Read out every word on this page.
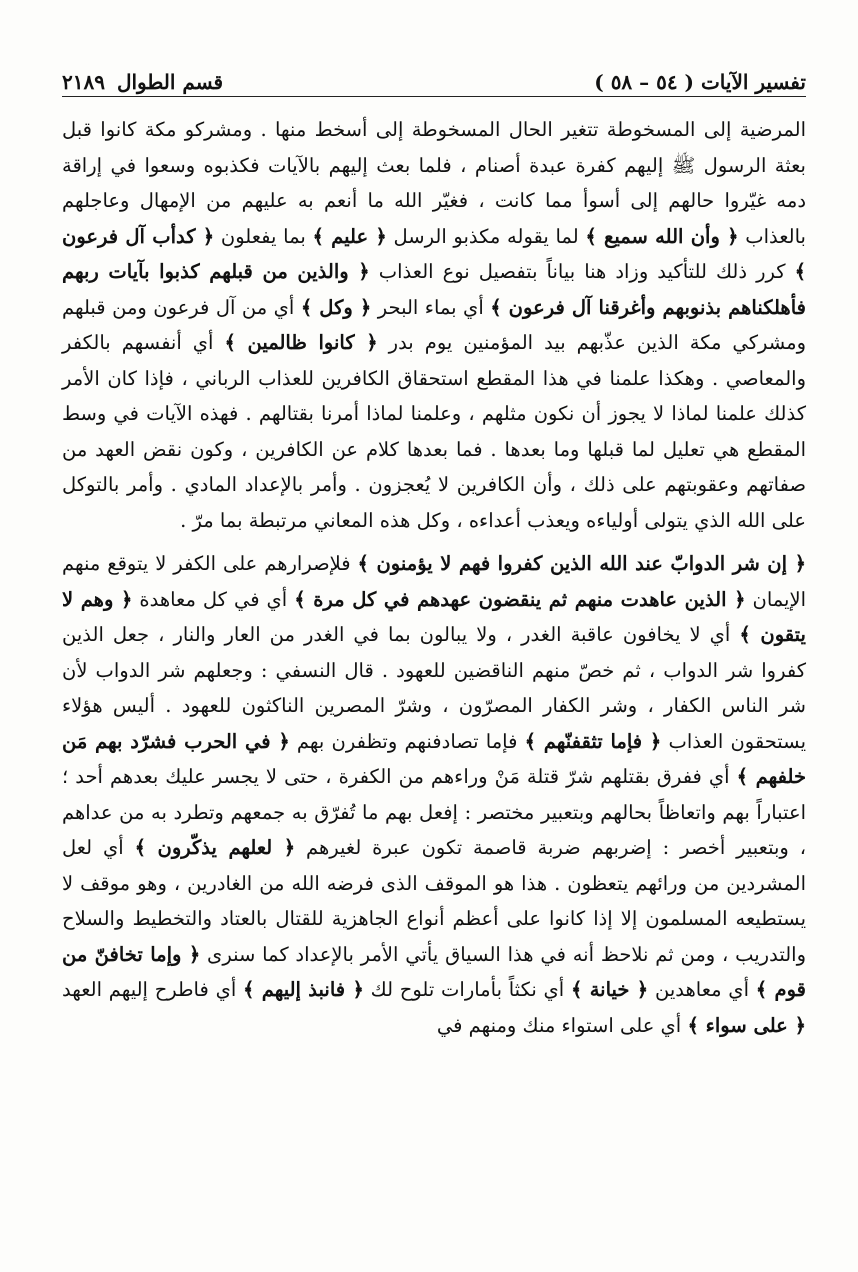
تفسير الآيات ( ٥٤ – ٥٨ )
قسم الطوال
٢١٨٩

المرضية إلى المسخوطة تتغير الحال المسخوطة إلى أسخط منها . ومشركو مكة كانوا قبل بعثة الرسول ﷺ إليهم كفرة عبدة أصنام ، فلما بعث إليهم بالآيات فكذبوه وسعوا في إراقة دمه غيّروا حالهم إلى أسوأ مما كانت ، فغيّر الله ما أنعم به عليهم من الإمهال وعاجلهم بالعذاب ﴿ وأن الله سميع ﴾ لما يقوله مكذبو الرسل ﴿ عليم ﴾ بما يفعلون ﴿ كدأب آل فرعون ﴾ كرر ذلك للتأكيد وزاد هنا بياناً بتفصيل نوع العذاب ﴿ والذين من قبلهم كذبوا بآيات ربهم فأهلكناهم بذنوبهم وأغرقنا آل فرعون ﴾ أي بماء البحر ﴿ وكل ﴾ أي من آل فرعون ومن قبلهم ومشركي مكة الذين عذّبهم بيد المؤمنين يوم بدر ﴿ كانوا ظالمين ﴾ أي أنفسهم بالكفر والمعاصي . وهكذا علمنا في هذا المقطع استحقاق الكافرين للعذاب الرباني ، فإذا كان الأمر كذلك علمنا لماذا لا يجوز أن نكون مثلهم ، وعلمنا لماذا أمرنا بقتالهم . فهذه الآيات في وسط المقطع هي تعليل لما قبلها وما بعدها . فما بعدها كلام عن الكافرين ، وكون نقض العهد من صفاتهم وعقوبتهم على ذلك ، وأن الكافرين لا يُعجزون . وأمر بالإعداد المادي . وأمر بالتوكل على الله الذي يتولى أولياءه ويعذب أعداءه ، وكل هذه المعاني مرتبطة بما مرّ .

﴿ إن شر الدوابّ عند الله الذين كفروا فهم لا يؤمنون ﴾ فلإصرارهم على الكفر لا يتوقع منهم الإيمان ﴿ الذين عاهدت منهم ثم ينقضون عهدهم في كل مرة ﴾ أي في كل معاهدة ﴿ وهم لا يتقون ﴾ أي لا يخافون عاقبة الغدر ، ولا يبالون بما في الغدر من العار والنار ، جعل الذين كفروا شر الدواب ، ثم خصّ منهم الناقضين للعهود . قال النسفي : وجعلهم شر الدواب لأن شر الناس الكفار ، وشر الكفار المصرّون ، وشرّ المصرين الناكثون للعهود . أليس هؤلاء يستحقون العذاب ﴿ فإما تثقفنّهم ﴾ فإما تصادفنهم وتظفرن بهم ﴿ في الحرب فشرّد بهم مَن خلفهم ﴾ أي ففرق بقتلهم شرّ قتلة مَنْ وراءهم من الكفرة ، حتى لا يجسر عليك بعدهم أحد ؛ اعتباراً بهم واتعاظاً بحالهم وبتعبير مختصر : إفعل بهم ما تُفرّق به جمعهم وتطرد به من عداهم ، وبتعبير أخصر : إضربهم ضربة قاصمة تكون عبرة لغيرهم ﴿ لعلهم يذكّرون ﴾ أي لعل المشردين من ورائهم يتعظون . هذا هو الموقف الذى فرضه الله من الغادرين ، وهو موقف لا يستطيعه المسلمون إلا إذا كانوا على أعظم أنواع الجاهزية للقتال بالعتاد والتخطيط والسلاح والتدريب ، ومن ثم نلاحظ أنه في هذا السياق يأتي الأمر بالإعداد كما سنرى ﴿ وإما تخافنّ من قوم ﴾ أي معاهدين ﴿ خيانة ﴾ أي نكثاً بأمارات تلوح لك ﴿ فانبذ إليهم ﴾ أي فاطرح إليهم العهد ﴿ على سواء ﴾ أي على استواء منك ومنهم في
